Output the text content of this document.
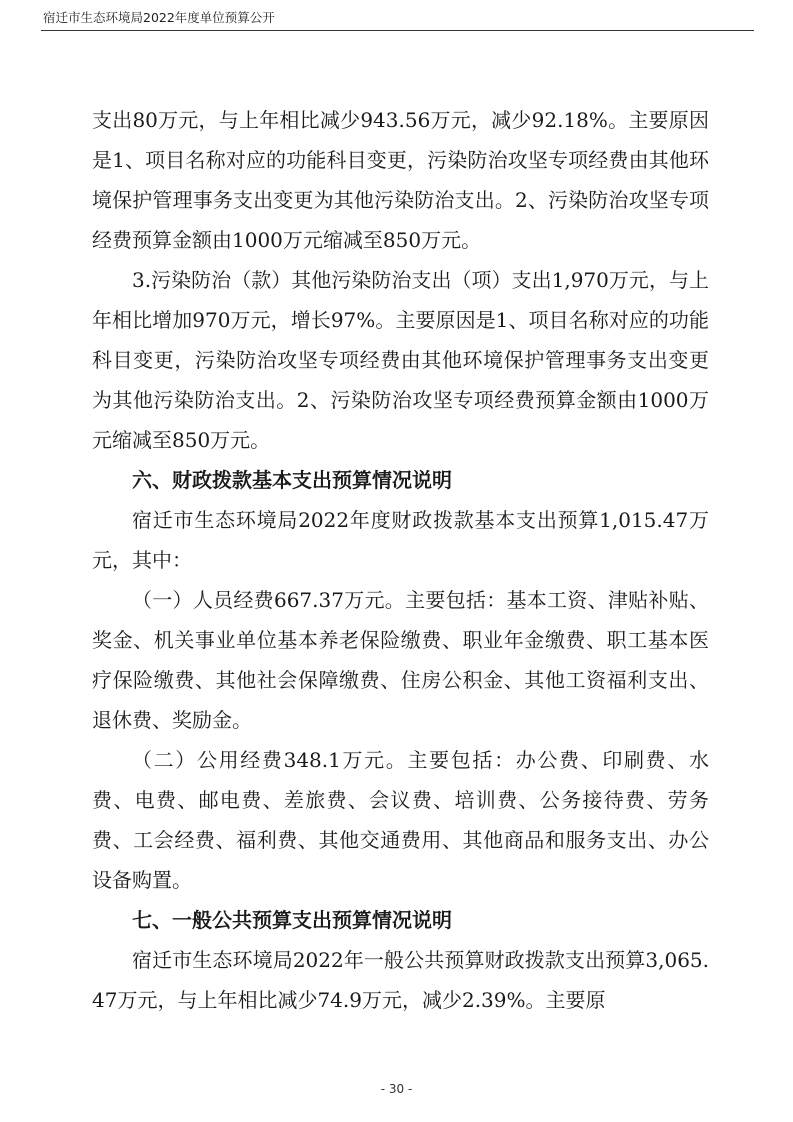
宿迁市生态环境局2022年度单位预算公开

支出80万元，与上年相比减少943.56万元，减少92.18%。主要原因是1、项目名称对应的功能科目变更，污染防治攻坚专项经费由其他环境保护管理事务支出变更为其他污染防治支出。2、污染防治攻坚专项经费预算金额由1000万元缩减至850万元。

3.污染防治（款）其他污染防治支出（项）支出1,970万元，与上年相比增加970万元，增长97%。主要原因是1、项目名称对应的功能科目变更，污染防治攻坚专项经费由其他环境保护管理事务支出变更为其他污染防治支出。2、污染防治攻坚专项经费预算金额由1000万元缩减至850万元。

六、财政拨款基本支出预算情况说明

宿迁市生态环境局2022年度财政拨款基本支出预算1,015.47万元，其中：

（一）人员经费667.37万元。主要包括：基本工资、津贴补贴、奖金、机关事业单位基本养老保险缴费、职业年金缴费、职工基本医疗保险缴费、其他社会保障缴费、住房公积金、其他工资福利支出、退休费、奖励金。

（二）公用经费348.1万元。主要包括：办公费、印刷费、水费、电费、邮电费、差旅费、会议费、培训费、公务接待费、劳务费、工会经费、福利费、其他交通费用、其他商品和服务支出、办公设备购置。

七、一般公共预算支出预算情况说明

宿迁市生态环境局2022年一般公共预算财政拨款支出预算3,065.47万元，与上年相比减少74.9万元，减少2.39%。主要原

- 30 -
